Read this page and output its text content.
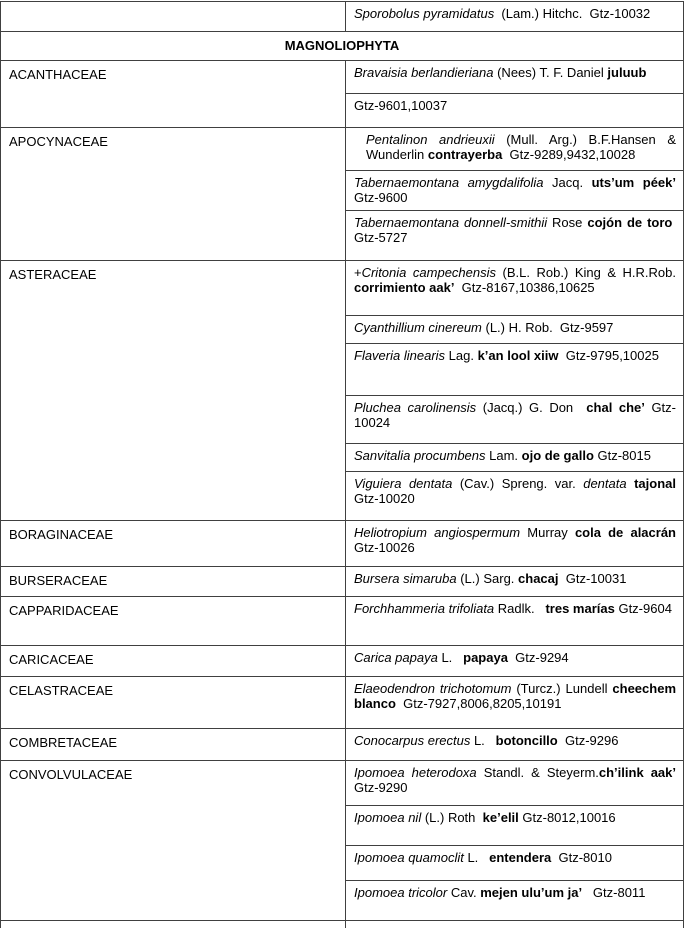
Sporobolus pyramidatus  (Lam.) Hitchc.  Gtz-10032
MAGNOLIOPHYTA
ACANTHACEAE	Bravaisia berlandieriana (Nees) T. F. Daniel juluub
Gtz-9601,10037
APOCYNACEAE	Pentalinon andrieuxii (Mull. Arg.) B.F.Hansen & Wunderlin contrayerba  Gtz-9289,9432,10028
Tabernaemontana amygdalifolia Jacq. uts’um péek’ Gtz-9600
Tabernaemontana donnell-smithii Rose cojón de toro  Gtz-5727
ASTERACEAE	+Critonia campechensis (B.L. Rob.) King & H.R.Rob. corrimiento aak’  Gtz-8167,10386,10625
Cyanthillium cinereum (L.) H. Rob.  Gtz-9597
Flaveria linearis Lag. k’an lool xiiw  Gtz-9795,10025
Pluchea carolinensis (Jacq.) G. Don  chal che’ Gtz-10024
Sanvitalia procumbens Lam. ojo de gallo Gtz-8015
Viguiera dentata (Cav.) Spreng. var. dentata tajonal Gtz-10020
BORAGINACEAE	Heliotropium angiospermum Murray cola de alacrán Gtz-10026
BURSERACEAE	Bursera simaruba (L.) Sarg. chacaj  Gtz-10031
CAPPARIDACEAE	Forchhammeria trifoliata Radlk.   tres marías Gtz-9604
CARICACEAE	Carica papaya L.   papaya  Gtz-9294
CELASTRACEAE	Elaeodendron trichotomum (Turcz.) Lundell cheechem blanco  Gtz-7927,8006,8205,10191
COMBRETACEAE	Conocarpus erectus L.   botoncillo  Gtz-9296
CONVOLVULACEAE	Ipomoea heterodoxa Standl. & Steyerm.ch’ilink aak’ Gtz-9290
Ipomoea nil (L.) Roth  ke’elil Gtz-8012,10016
Ipomoea quamoclit L.   entendera  Gtz-8010
Ipomoea tricolor Cav. mejen ulu’um ja’   Gtz-8011
